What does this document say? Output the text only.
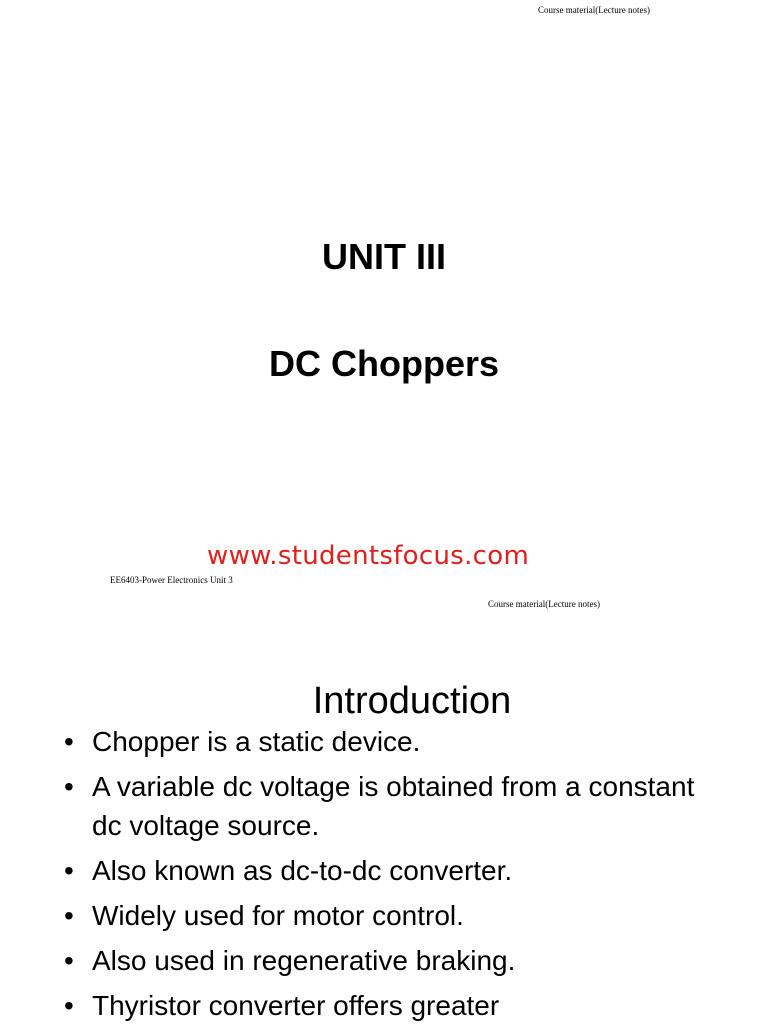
Course material(Lecture notes)
UNIT III
DC Choppers
www.studentsfocus.com
EE6403-Power Electronics Unit 3
Course material(Lecture notes)
Introduction
• Chopper is a static device.
• A variable dc voltage is obtained from a constant dc voltage source.
• Also known as dc-to-dc converter.
• Widely used for motor control.
• Also used in regenerative braking.
• Thyristor converter offers greater
